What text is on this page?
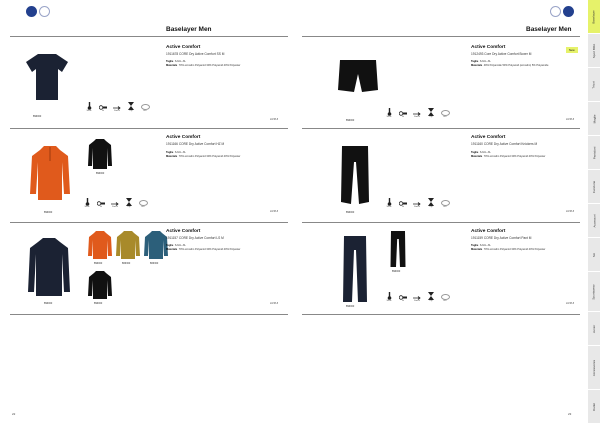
Baselayer Men
B99000
Active Comfort
1911678 CORE Dry Active Comfort SS M
Taglie  S-M-L-XL
Materiale  70% ecruslim Polyamid 30% Polyamid 40% Polyester
Warm	Fit	Stretch	Dry	Eco
22/38-8
B99000
B99000
Active Comfort
1911166 CORE Dry Active Comfort HZ M
Taglie  S-M-L-XL
Materiale  70% ecruslim Polyamid 30% Polyamid 40% Polyester
Warm	Fit	Stretch	Dry	Eco
22/38-8
B99000	B69300	B69300
B99000
B99000
Active Comfort
1911157 CORE Dry Active Comfort LS M
Taglie  S-M-L-XL
Materiale  70% ecruslim Polyamid 30% Polyamid 40% Polyester
22/38-8
22
Baselayer Men
B99000
Active Comfort	New
1912493 Core Dry Active Comfort Boxer M
Taglie  S-M-L-XL
Materiale  49% Polyamide 50% Polyamid (ecruslim) 5% Polyamide
Warm	Fit	Stretch	Dry	Eco
22/38-8
B99000
Active Comfort
1911160 CORE Dry Active Comfort Knickers M
Taglie  S-M-L-XL
Materiale  70% ecruslim Polyamid 30% Polyamid 40% Polyester
Warm	Fit	Stretch	Dry	Eco
22/38-8
B99000
B99000
Active Comfort
1911159 CORE Dry Active Comfort Pant M
Taglie  S-M-L-XL
Materiale  70% ecruslim Polyamid 30% Polyamid 40% Polyester
Warm	Fit	Stretch	Dry	Eco
22/38-8
23
Baselayer
Sport BRA
Tricot
Maglie
Pantaloni
Funzione
Accessori
Sci
Sportswear
Junior
Accessories
Outlet
